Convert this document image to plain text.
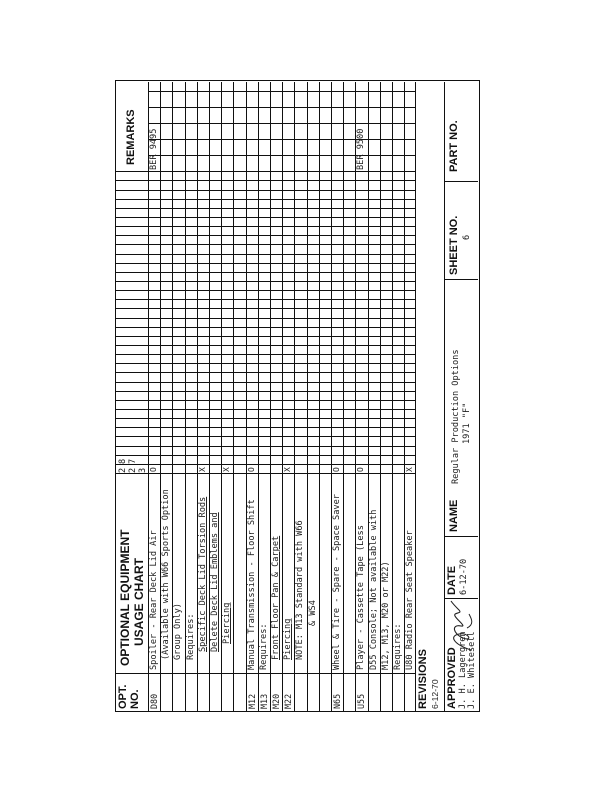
OPT. NO.
OPTIONAL EQUIPMENT USAGE CHART
REMARKS
2 2 3
8 7
D80
Spoiler - Rear Deck Lid Air
O
BER 9495
(Available with W66 Sports Option Group Only) Requires: Specific Deck Lid Torsion Rods
X
Delete Deck Lid Emblems and Piercing
X
M12
Manual Transmission - Floor Shift
O
M13
Requires:
M20
Front Floor Pan & Carpet
M22
Piercing
X
NOTE: M13 Standard with W66 & WS4
N65
Wheel & Tire - Spare - Space Saver
O
U55
Player - Cassette Tape (Less
O
BER 9500
D55 Console; Not available with M12, M13, M20 or M22) Requires: U80 Radio Rear Seat Speaker
X
REVISIONS 6-12-70 APPROVED J. H. Lagergren J. E. Whitesell
DATE 6-12-70
NAME
Regular Production Options 1971 "F"
SHEET NO. 6
PART NO.
